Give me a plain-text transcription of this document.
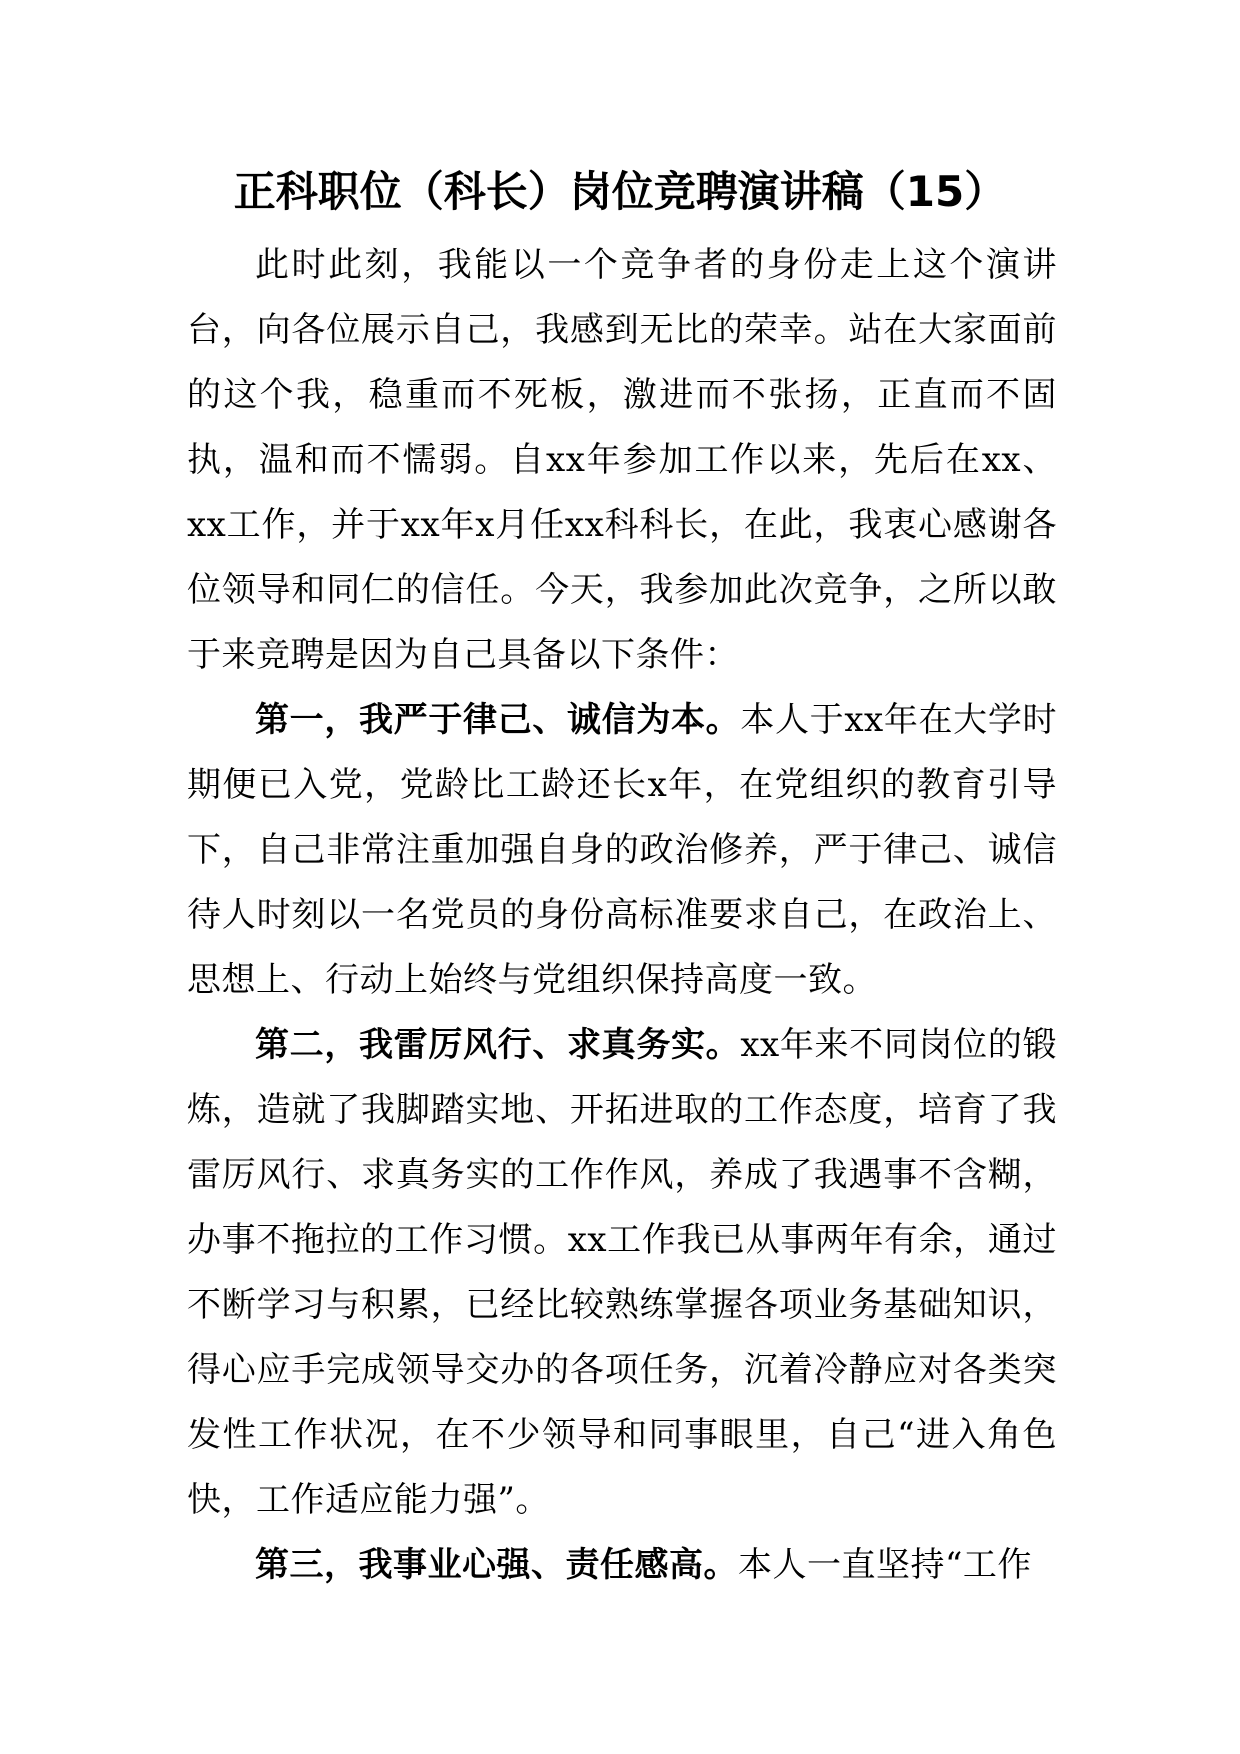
正科职位（科长）岗位竞聘演讲稿（15）

此时此刻，我能以一个竞争者的身份走上这个演讲台，向各位展示自己，我感到无比的荣幸。站在大家面前的这个我，稳重而不死板，激进而不张扬，正直而不固执，温和而不懦弱。自xx年参加工作以来，先后在xx、xx工作，并于xx年x月任xx科科长，在此，我衷心感谢各位领导和同仁的信任。今天，我参加此次竞争，之所以敢于来竞聘是因为自己具备以下条件：

第一，我严于律己、诚信为本。本人于xx年在大学时期便已入党，党龄比工龄还长x年，在党组织的教育引导下，自己非常注重加强自身的政治修养，严于律己、诚信待人时刻以一名党员的身份高标准要求自己，在政治上、思想上、行动上始终与党组织保持高度一致。

第二，我雷厉风行、求真务实。xx年来不同岗位的锻炼，造就了我脚踏实地、开拓进取的工作态度，培育了我雷厉风行、求真务实的工作作风，养成了我遇事不含糊，办事不拖拉的工作习惯。xx工作我已从事两年有余，通过不断学习与积累，已经比较熟练掌握各项业务基础知识，得心应手完成领导交办的各项任务，沉着冷静应对各类突发性工作状况，在不少领导和同事眼里，自己“进入角色快，工作适应能力强”。

第三，我事业心强、责任感高。本人一直坚持“工作
